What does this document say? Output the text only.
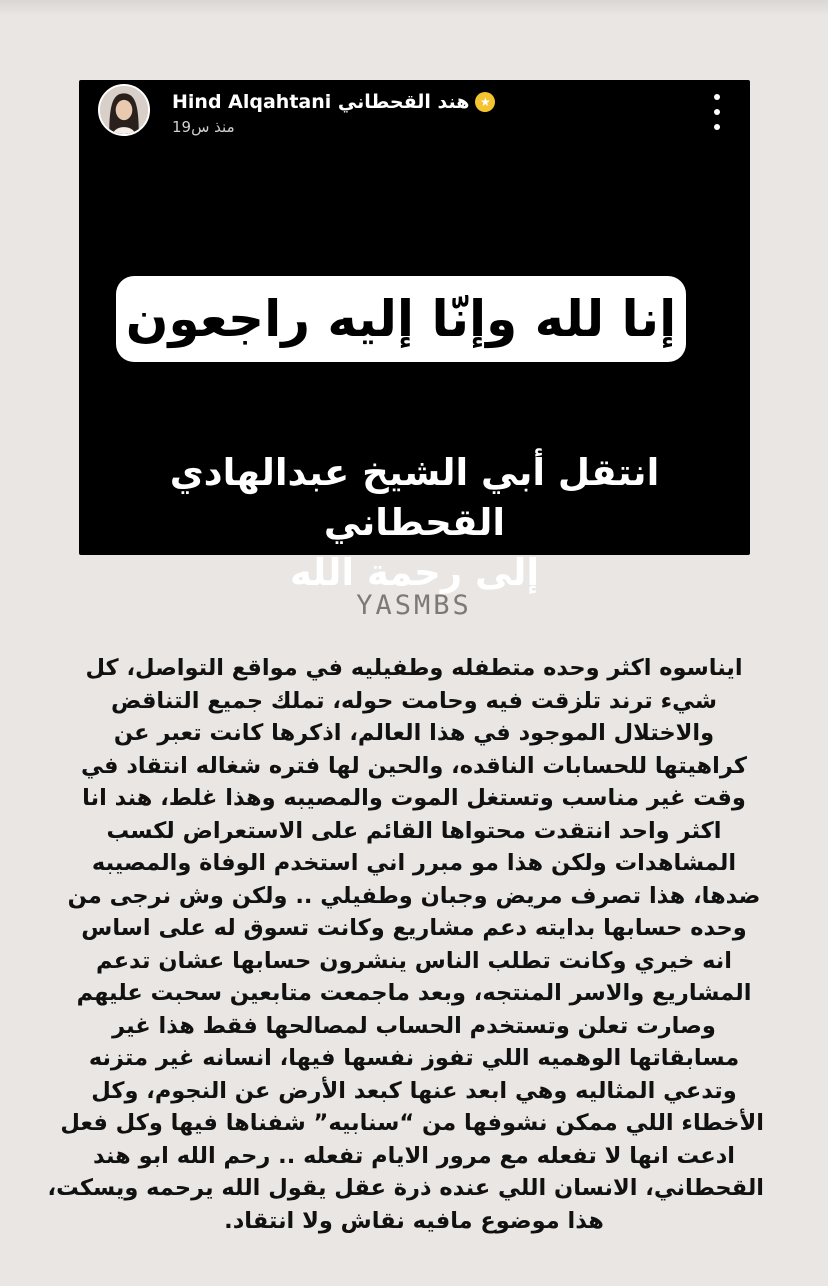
Hind Alqahtani هند القحطاني ★
منذ س19
إنا لله وإنّا إليه راجعون
انتقل أبي الشيخ عبدالهادي القحطاني
إلى رحمة الله
YASMBS
ايناسوه اكثر وحده متطفله وطفيليه في مواقع التواصل، كل
شيء ترند تلزقت فيه وحامت حوله، تملك جميع التناقض
والاختلال الموجود في هذا العالم، اذكرها كانت تعبر عن
كراهيتها للحسابات الناقده، والحين لها فتره شغاله انتقاد في
وقت غير مناسب وتستغل الموت والمصيبه وهذا غلط، هند انا
اكثر واحد انتقدت محتواها القائم على الاستعراض لكسب
المشاهدات ولكن هذا مو مبرر اني استخدم الوفاة والمصيبه
ضدها، هذا تصرف مريض وجبان وطفيلي .. ولكن وش نرجى من
وحده حسابها بدايته دعم مشاريع وكانت تسوق له على اساس
انه خيري وكانت تطلب الناس ينشرون حسابها عشان تدعم
المشاريع والاسر المنتجه، وبعد ماجمعت متابعين سحبت عليهم
وصارت تعلن وتستخدم الحساب لمصالحها فقط هذا غير
مسابقاتها الوهميه اللي تفوز نفسها فيها، انسانه غير متزنه
وتدعي المثاليه وهي ابعد عنها كبعد الأرض عن النجوم، وكل
الأخطاء اللي ممكن نشوفها من “سنابيه” شفناها فيها وكل فعل
ادعت انها لا تفعله مع مرور الايام تفعله .. رحم الله ابو هند
القحطاني، الانسان اللي عنده ذرة عقل يقول الله يرحمه ويسكت،
هذا موضوع مافيه نقاش ولا انتقاد.
